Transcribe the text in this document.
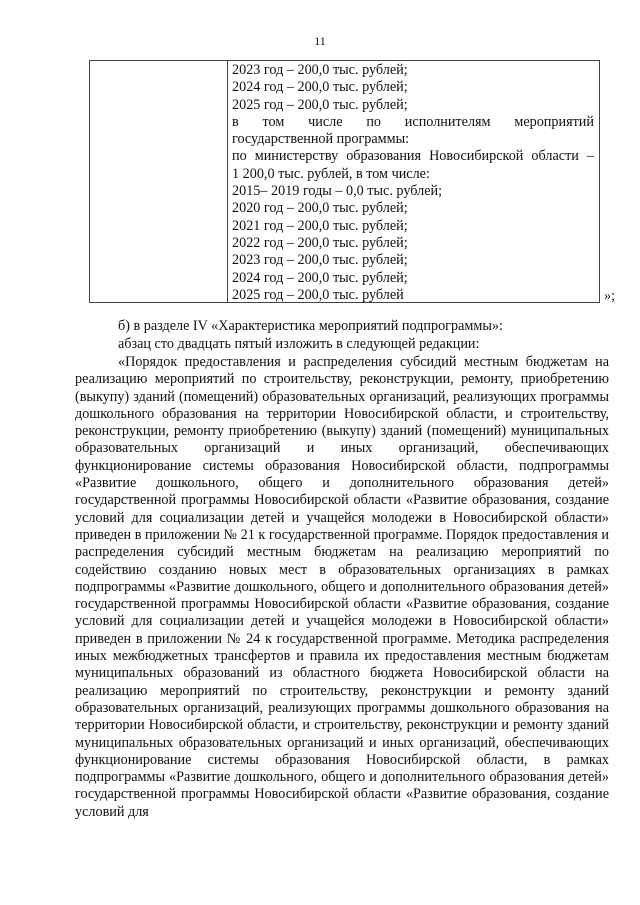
11
2023 год – 200,0 тыс. рублей;
2024 год – 200,0 тыс. рублей;
2025 год – 200,0 тыс. рублей;
в том числе по исполнителям мероприятий
государственной программы:
по министерству образования Новосибирской области –
1 200,0 тыс. рублей, в том числе:
2015– 2019 годы – 0,0 тыс. рублей;
2020 год – 200,0 тыс. рублей;
2021 год – 200,0 тыс. рублей;
2022 год – 200,0 тыс. рублей;
2023 год – 200,0 тыс. рублей;
2024 год – 200,0 тыс. рублей;
2025 год – 200,0 тыс. рублей	»;
б) в разделе IV «Характеристика мероприятий подпрограммы»:
абзац сто двадцать пятый изложить в следующей редакции:
«Порядок предоставления и распределения субсидий местным бюджетам на реализацию мероприятий по строительству, реконструкции, ремонту, приобретению (выкупу) зданий (помещений) образовательных организаций, реализующих программы дошкольного образования на территории Новосибирской области, и строительству, реконструкции, ремонту приобретению (выкупу) зданий (помещений) муниципальных образовательных организаций и иных организаций, обеспечивающих функционирование системы образования Новосибирской области, подпрограммы «Развитие дошкольного, общего и дополнительного образования детей» государственной программы Новосибирской области «Развитие образования, создание условий для социализации детей и учащейся молодежи в Новосибирской области» приведен в приложении № 21 к государственной программе. Порядок предоставления и распределения субсидий местным бюджетам на реализацию мероприятий по содействию созданию новых мест в образовательных организациях в рамках подпрограммы «Развитие дошкольного, общего и дополнительного образования детей» государственной программы Новосибирской области «Развитие образования, создание условий для социализации детей и учащейся молодежи в Новосибирской области» приведен в приложении № 24 к государственной программе. Методика распределения иных межбюджетных трансфертов и правила их предоставления местным бюджетам муниципальных образований из областного бюджета Новосибирской области на реализацию мероприятий по строительству, реконструкции и ремонту зданий образовательных организаций, реализующих программы дошкольного образования на территории Новосибирской области, и строительству, реконструкции и ремонту зданий муниципальных образовательных организаций и иных организаций, обеспечивающих функционирование системы образования Новосибирской области, в рамках подпрограммы «Развитие дошкольного, общего и дополнительного образования детей» государственной программы Новосибирской области «Развитие образования, создание условий для
